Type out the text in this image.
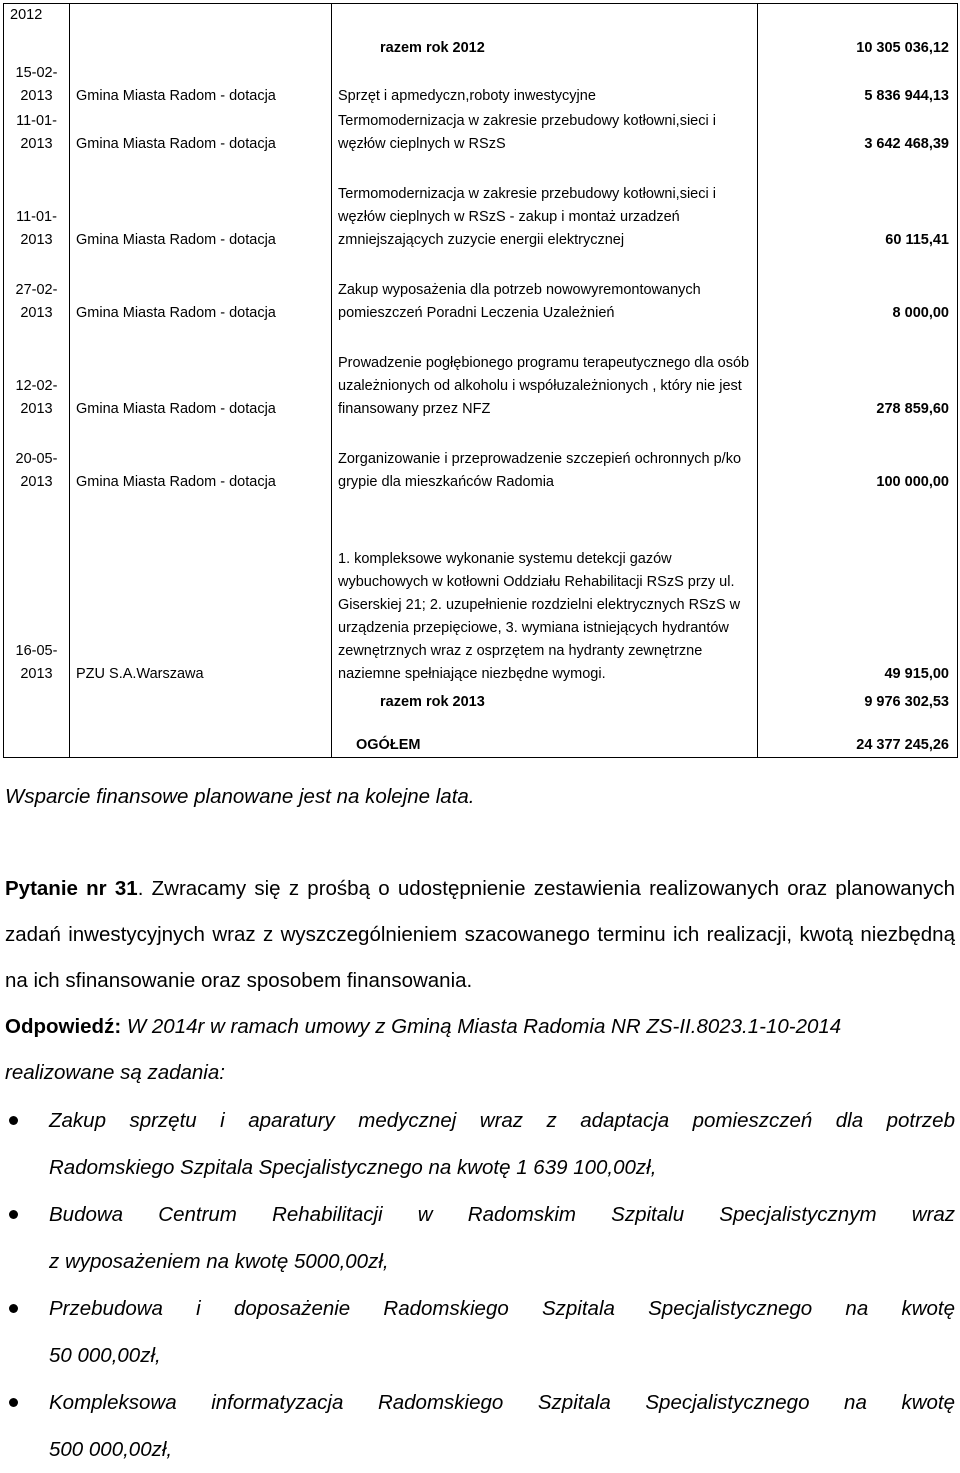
2012			
		razem rok 2012	10 305 036,12
15-02-2013	Gmina Miasta Radom - dotacja	Sprzęt i apmedyczn,roboty inwestycyjne	5 836 944,13
11-01-2013	Gmina Miasta Radom - dotacja	Termomodernizacja w zakresie przebudowy kotłowni,sieci i węzłów cieplnych w RSzS	3 642 468,39
11-01-2013	Gmina Miasta Radom - dotacja	Termomodernizacja w zakresie przebudowy kotłowni,sieci i węzłów cieplnych w RSzS - zakup i montaż urzadzeń zmniejszających zuzycie energii elektrycznej	60 115,41
27-02-2013	Gmina Miasta Radom - dotacja	Zakup wyposażenia dla potrzeb nowowyremontowanych pomieszczeń Poradni Leczenia Uzależnień	8 000,00
12-02-2013	Gmina Miasta Radom - dotacja	Prowadzenie pogłębionego programu terapeutycznego dla osób uzależnionych od alkoholu i współuzależnionych , który nie jest finansowany przez NFZ	278 859,60
20-05-2013	Gmina Miasta Radom - dotacja	Zorganizowanie i przeprowadzenie szczepień ochronnych p/ko grypie dla mieszkańców Radomia	100 000,00
16-05-2013	PZU S.A.Warszawa	1. kompleksowe wykonanie systemu detekcji gazów wybuchowych w kotłowni Oddziału Rehabilitacji RSzS przy ul. Giserskiej 21; 2. uzupełnienie rozdzielni elektrycznych RSzS w urządzenia przepięciowe, 3. wymiana istniejących hydrantów zewnętrznych wraz z osprzętem na hydranty zewnętrzne naziemne spełniające niezbędne wymogi.	49 915,00
		razem rok 2013	9 976 302,53
		OGÓŁEM	24 377 245,26
Wsparcie finansowe planowane jest na kolejne lata.
Pytanie nr 31. Zwracamy się z prośbą o udostępnienie zestawienia realizowanych oraz planowanych zadań inwestycyjnych wraz z wyszczególnieniem szacowanego terminu ich realizacji, kwotą niezbędną na ich sfinansowanie oraz sposobem finansowania.
Odpowiedź: W 2014r w ramach umowy z Gminą Miasta Radomia NR ZS-II.8023.1-10-2014 realizowane są zadania:
Zakup sprzętu i aparatury medycznej wraz z adaptacja pomieszczeń dla potrzeb
Radomskiego Szpitala Specjalistycznego na kwotę 1 639 100,00zł,
Budowa Centrum Rehabilitacji w Radomskim Szpitalu Specjalistycznym wraz
z wyposażeniem na kwotę 5000,00zł,
Przebudowa i doposażenie Radomskiego Szpitala Specjalistycznego na kwotę
50 000,00zł,
Kompleksowa informatyzacja Radomskiego Szpitala Specjalistycznego na kwotę
500 000,00zł,
